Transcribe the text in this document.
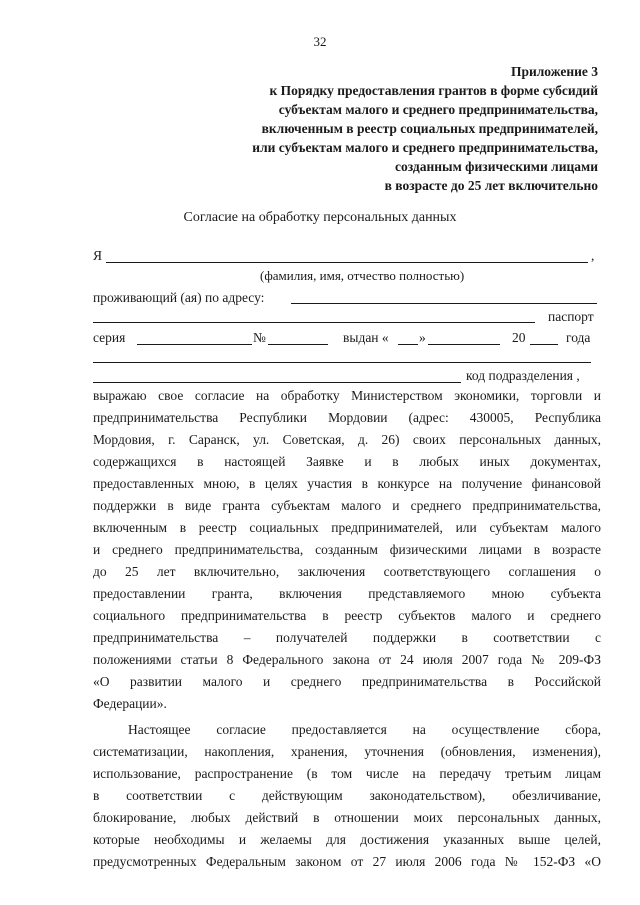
32
Приложение 3
к Порядку предоставления грантов в форме субсидий
субъектам малого и среднего предпринимательства,
включенным в реестр социальных предпринимателей,
или субъектам малого и среднего предпринимательства,
созданным физическими лицами
в возрасте до 25 лет включительно
Согласие на обработку персональных данных
Я	,
(фамилия, имя, отчество полностью)
проживающий (ая) по адресу:
паспорт
серия	№	выдан « »	20	года
код подразделения ,
выражаю свое согласие на обработку Министерством экономики, торговли и
предпринимательства Республики Мордовии (адрес: 430005, Республика
Мордовия, г. Саранск, ул. Советская, д. 26) своих персональных данных,
содержащихся в настоящей Заявке и в любых иных документах,
предоставленных мною, в целях участия в конкурсе на получение финансовой
поддержки в виде гранта субъектам малого и среднего предпринимательства,
включенным в реестр социальных предпринимателей, или субъектам малого
и среднего предпринимательства, созданным физическими лицами в возрасте
до 25 лет включительно, заключения соответствующего соглашения о
предоставлении гранта, включения представляемого мною субъекта
социального предпринимательства в реестр субъектов малого и среднего
предпринимательства – получателей поддержки в соответствии с
положениями статьи 8 Федерального закона от 24 июля 2007 года № 209-ФЗ
«О развитии малого и среднего предпринимательства в Российской
Федерации».
Настоящее согласие предоставляется на осуществление сбора,
систематизации, накопления, хранения, уточнения (обновления, изменения),
использование, распространение (в том числе на передачу третьим лицам
в соответствии с действующим законодательством), обезличивание,
блокирование, любых действий в отношении моих персональных данных,
которые необходимы и желаемы для достижения указанных выше целей,
предусмотренных Федеральным законом от 27 июля 2006 года № 152-ФЗ «О
